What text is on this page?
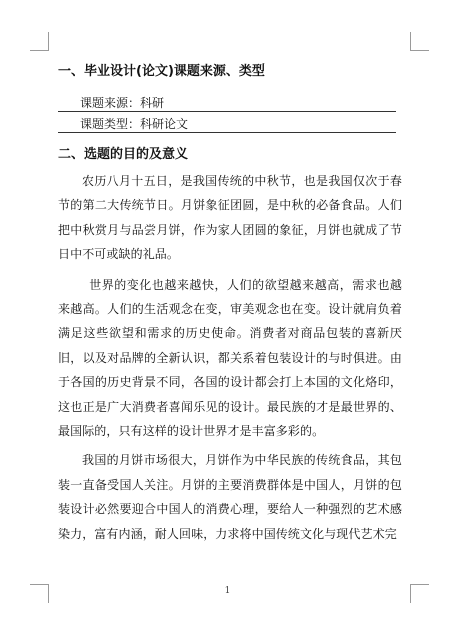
一、毕业设计(论文)课题来源、类型

课题来源：科研
课题类型：科研论文

二、选题的目的及意义

农历八月十五日，是我国传统的中秋节，也是我国仅次于春节的第二大传统节日。月饼象征团圆，是中秋的必备食品。人们把中秋赏月与品尝月饼，作为家人团圆的象征，月饼也就成了节日中不可或缺的礼品。

世界的变化也越来越快，人们的欲望越来越高，需求也越来越高。人们的生活观念在变，审美观念也在变。设计就肩负着满足这些欲望和需求的历史使命。消费者对商品包装的喜新厌旧，以及对品牌的全新认识，都关系着包装设计的与时俱进。由于各国的历史背景不同，各国的设计都会打上本国的文化烙印，这也正是广大消费者喜闻乐见的设计。最民族的才是最世界的、最国际的，只有这样的设计世界才是丰富多彩的。

我国的月饼市场很大，月饼作为中华民族的传统食品，其包装一直备受国人关注。月饼的主要消费群体是中国人，月饼的包装设计必然要迎合中国人的消费心理，要给人一种强烈的艺术感染力，富有内涵，耐人回味，力求将中国传统文化与现代艺术完

1
